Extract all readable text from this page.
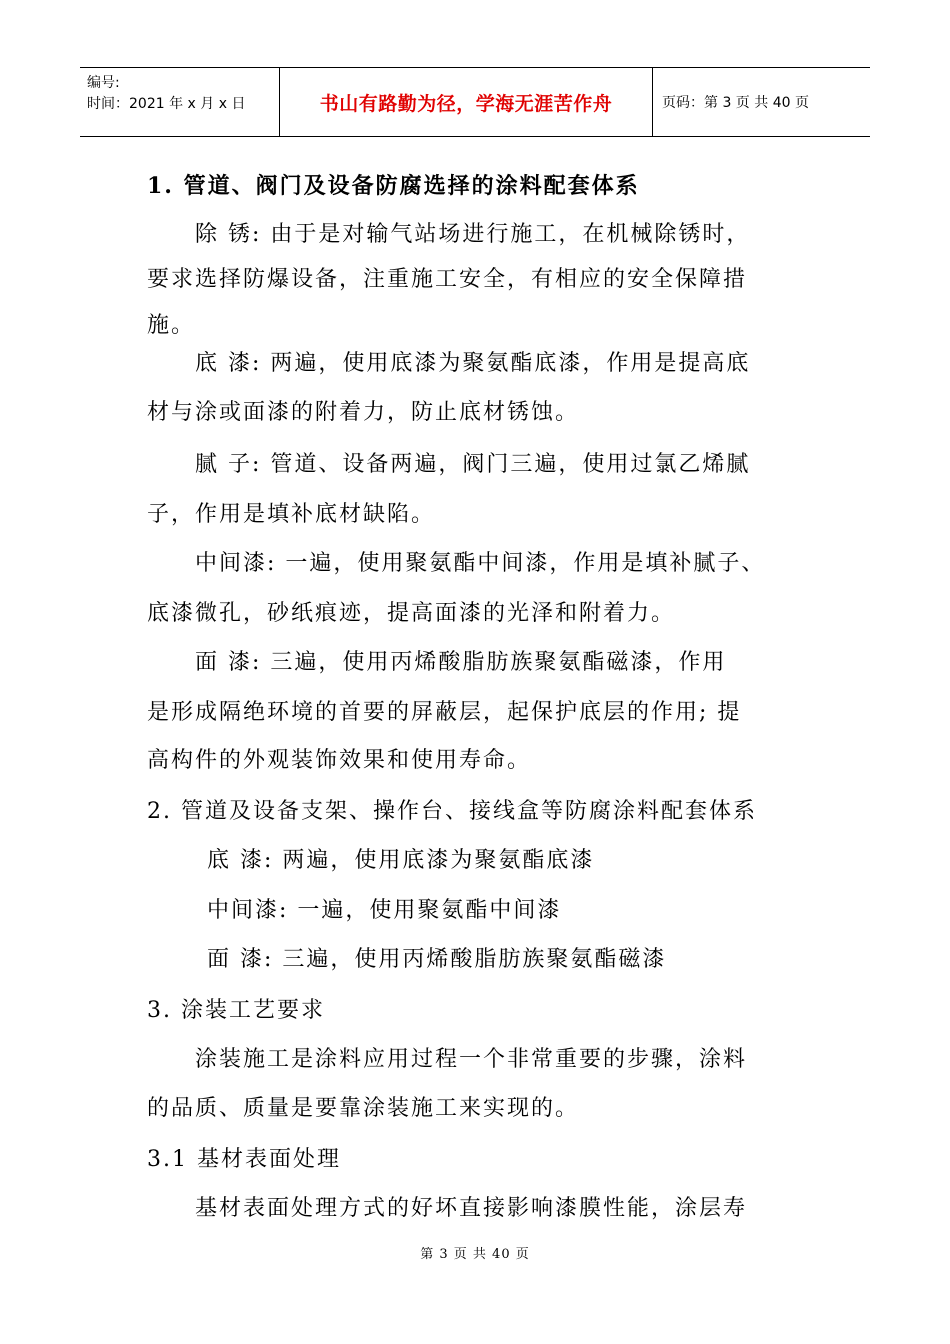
编号:
时间：2021 年 x 月 x 日	书山有路勤为径，学海无涯苦作舟	页码：第 3 页 共 40 页
1. 管道、阀门及设备防腐选择的涂料配套体系
除 锈: 由于是对输气站场进行施工，在机械除锈时，
要求选择防爆设备，注重施工安全，有相应的安全保障措
施。
底 漆: 两遍，使用底漆为聚氨酯底漆，作用是提高底
材与涂或面漆的附着力，防止底材锈蚀。
腻 子: 管道、设备两遍，阀门三遍，使用过氯乙烯腻
子，作用是填补底材缺陷。
中间漆: 一遍，使用聚氨酯中间漆，作用是填补腻子、
底漆微孔，砂纸痕迹，提高面漆的光泽和附着力。
面 漆: 三遍，使用丙烯酸脂肪族聚氨酯磁漆，作用
是形成隔绝环境的首要的屏蔽层，起保护底层的作用; 提
高构件的外观装饰效果和使用寿命。
2. 管道及设备支架、操作台、接线盒等防腐涂料配套体系
底 漆: 两遍，使用底漆为聚氨酯底漆
中间漆: 一遍，使用聚氨酯中间漆
面 漆: 三遍，使用丙烯酸脂肪族聚氨酯磁漆
3. 涂装工艺要求
涂装施工是涂料应用过程一个非常重要的步骤，涂料
的品质、质量是要靠涂装施工来实现的。
3.1 基材表面处理
基材表面处理方式的好坏直接影响漆膜性能，涂层寿
第 3 页 共 40 页
